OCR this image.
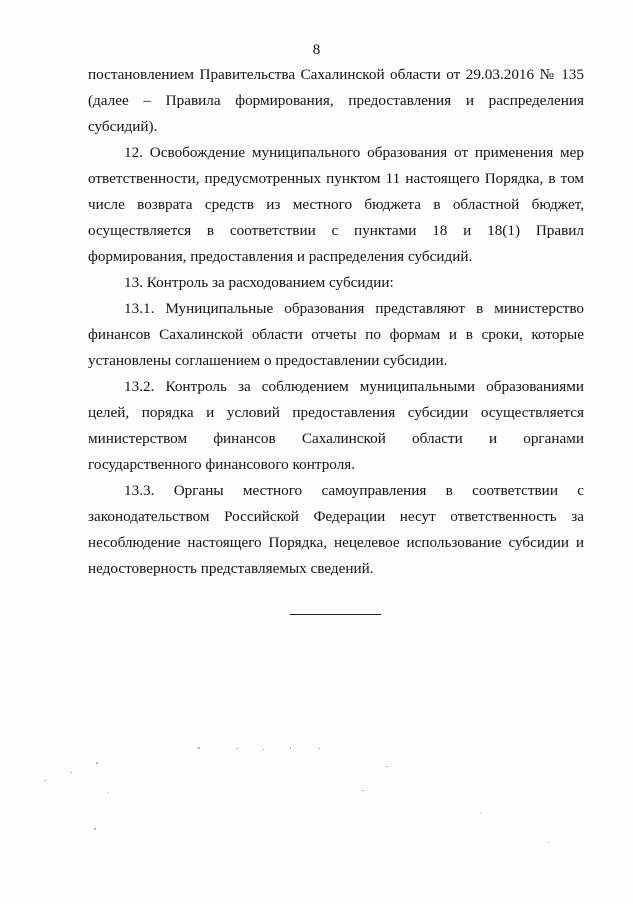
8

постановлением Правительства Сахалинской области от 29.03.2016 № 135 (далее – Правила формирования, предоставления и распределения субсидий).

12. Освобождение муниципального образования от применения мер ответственности, предусмотренных пунктом 11 настоящего Порядка, в том числе возврата средств из местного бюджета в областной бюджет, осуществляется в соответствии с пунктами 18 и 18(1) Правил формирования, предоставления и распределения субсидий.

13. Контроль за расходованием субсидии:

13.1. Муниципальные образования представляют в министерство финансов Сахалинской области отчеты по формам и в сроки, которые установлены соглашением о предоставлении субсидии.

13.2. Контроль за соблюдением муниципальными образованиями целей, порядка и условий предоставления субсидии осуществляется министерством финансов Сахалинской области и органами государственного финансового контроля.

13.3. Органы местного самоуправления в соответствии с законодательством Российской Федерации несут ответственность за несоблюдение настоящего Порядка, нецелевое использование субсидии и недостоверность представляемых сведений.
